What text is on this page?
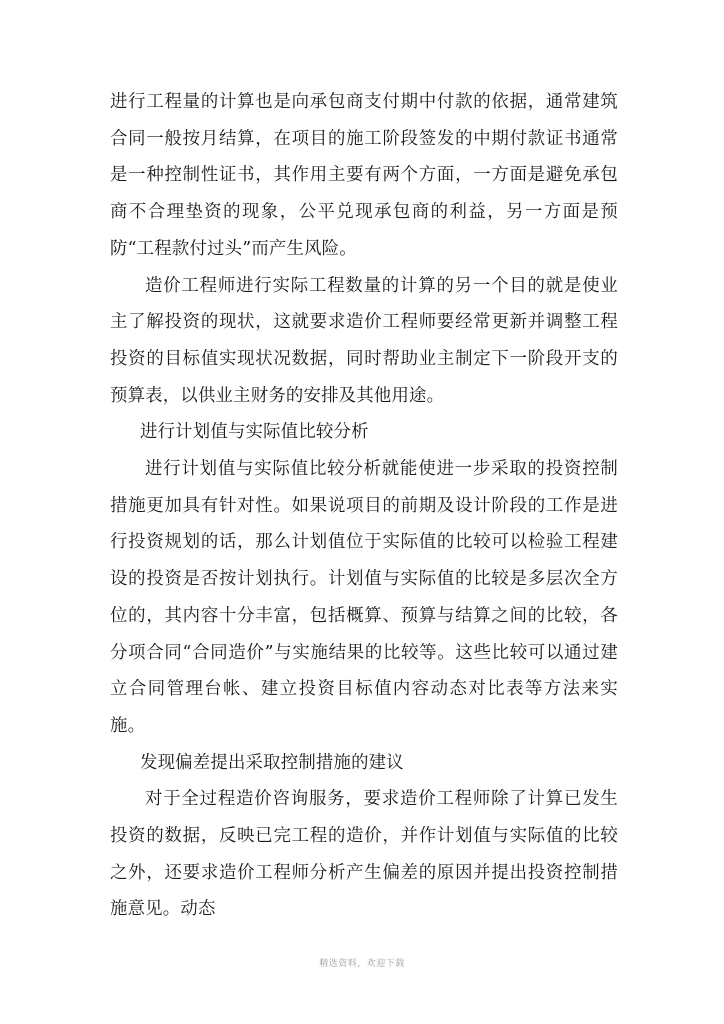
进行工程量的计算也是向承包商支付期中付款的依据，通常建筑合同一般按月结算，在项目的施工阶段签发的中期付款证书通常是一种控制性证书，其作用主要有两个方面，一方面是避免承包商不合理垫资的现象，公平兑现承包商的利益，另一方面是预防“工程款付过头”而产生风险。

造价工程师进行实际工程数量的计算的另一个目的就是使业主了解投资的现状，这就要求造价工程师要经常更新并调整工程投资的目标值实现状况数据，同时帮助业主制定下一阶段开支的预算表，以供业主财务的安排及其他用途。

进行计划值与实际值比较分析

进行计划值与实际值比较分析就能使进一步采取的投资控制措施更加具有针对性。如果说项目的前期及设计阶段的工作是进行投资规划的话，那么计划值位于实际值的比较可以检验工程建设的投资是否按计划执行。计划值与实际值的比较是多层次全方位的，其内容十分丰富，包括概算、预算与结算之间的比较，各分项合同“合同造价”与实施结果的比较等。这些比较可以通过建立合同管理台帐、建立投资目标值内容动态对比表等方法来实施。

发现偏差提出采取控制措施的建议

对于全过程造价咨询服务，要求造价工程师除了计算已发生投资的数据，反映已完工程的造价，并作计划值与实际值的比较之外，还要求造价工程师分析产生偏差的原因并提出投资控制措施意见。动态

精选资料，欢迎下载
